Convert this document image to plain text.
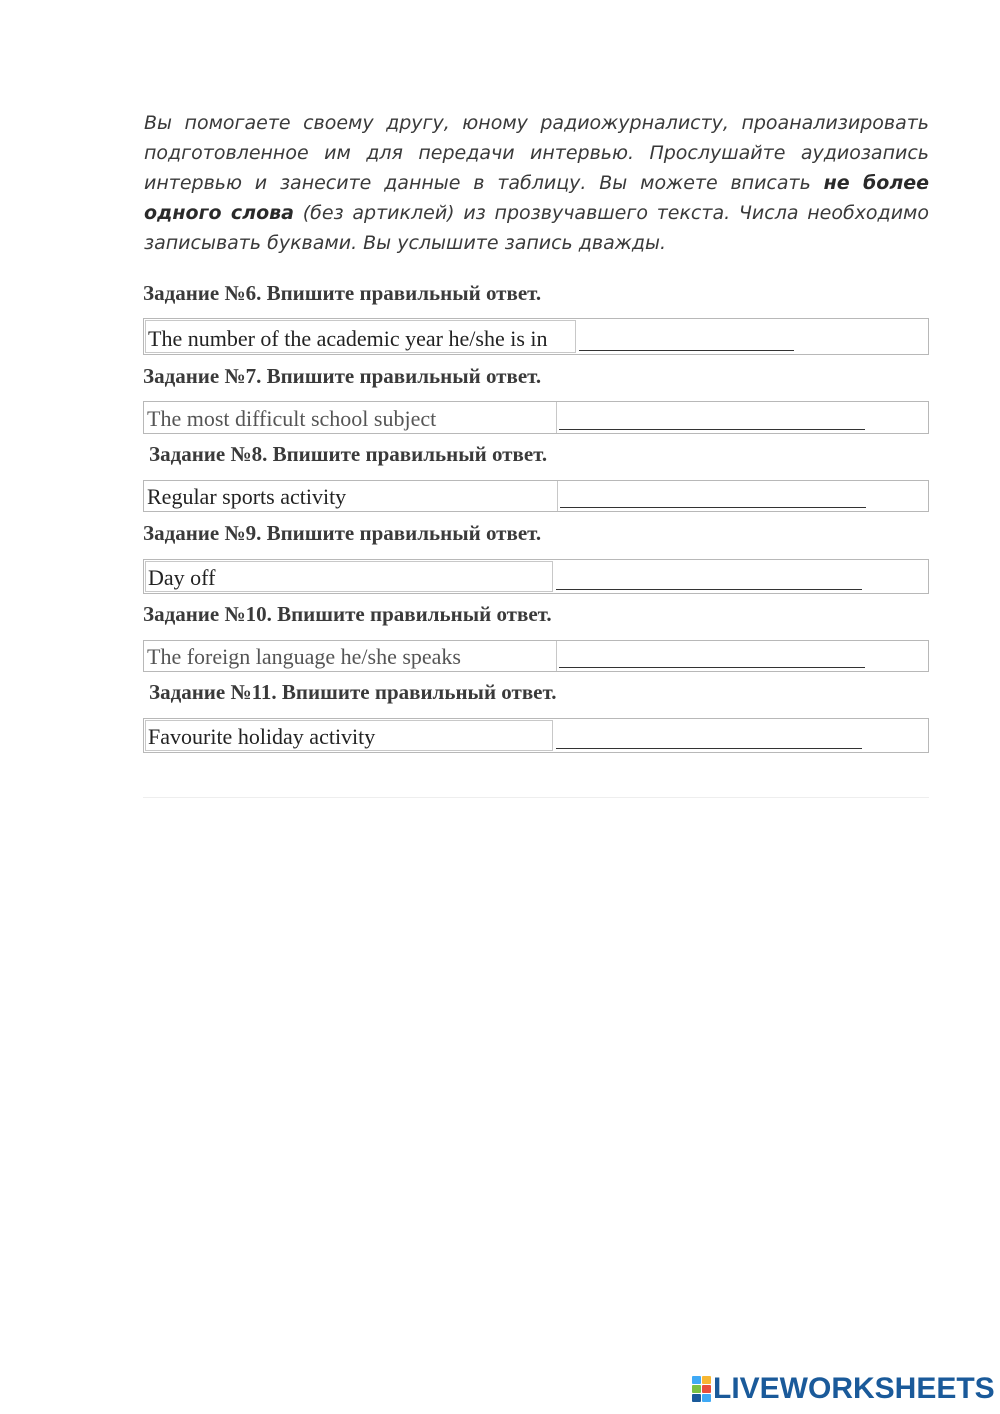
Вы помогаете своему другу, юному радиожурналисту, проанализировать подготовленное им для передачи интервью. Прослушайте аудиозапись интервью и занесите данные в таблицу. Вы можете вписать не более одного слова (без артиклей) из прозвучавшего текста. Числа необходимо записывать буквами. Вы услышите запись дважды.

Задание №6. Впишите правильный ответ.
The number of the academic year he/she is in
Задание №7. Впишите правильный ответ.
The most difficult school subject
Задание №8. Впишите правильный ответ.
Regular sports activity
Задание №9. Впишите правильный ответ.
Day off
Задание №10. Впишите правильный ответ.
The foreign language he/she speaks
Задание №11. Впишите правильный ответ.
Favourite holiday activity
LIVEWORKSHEETS
